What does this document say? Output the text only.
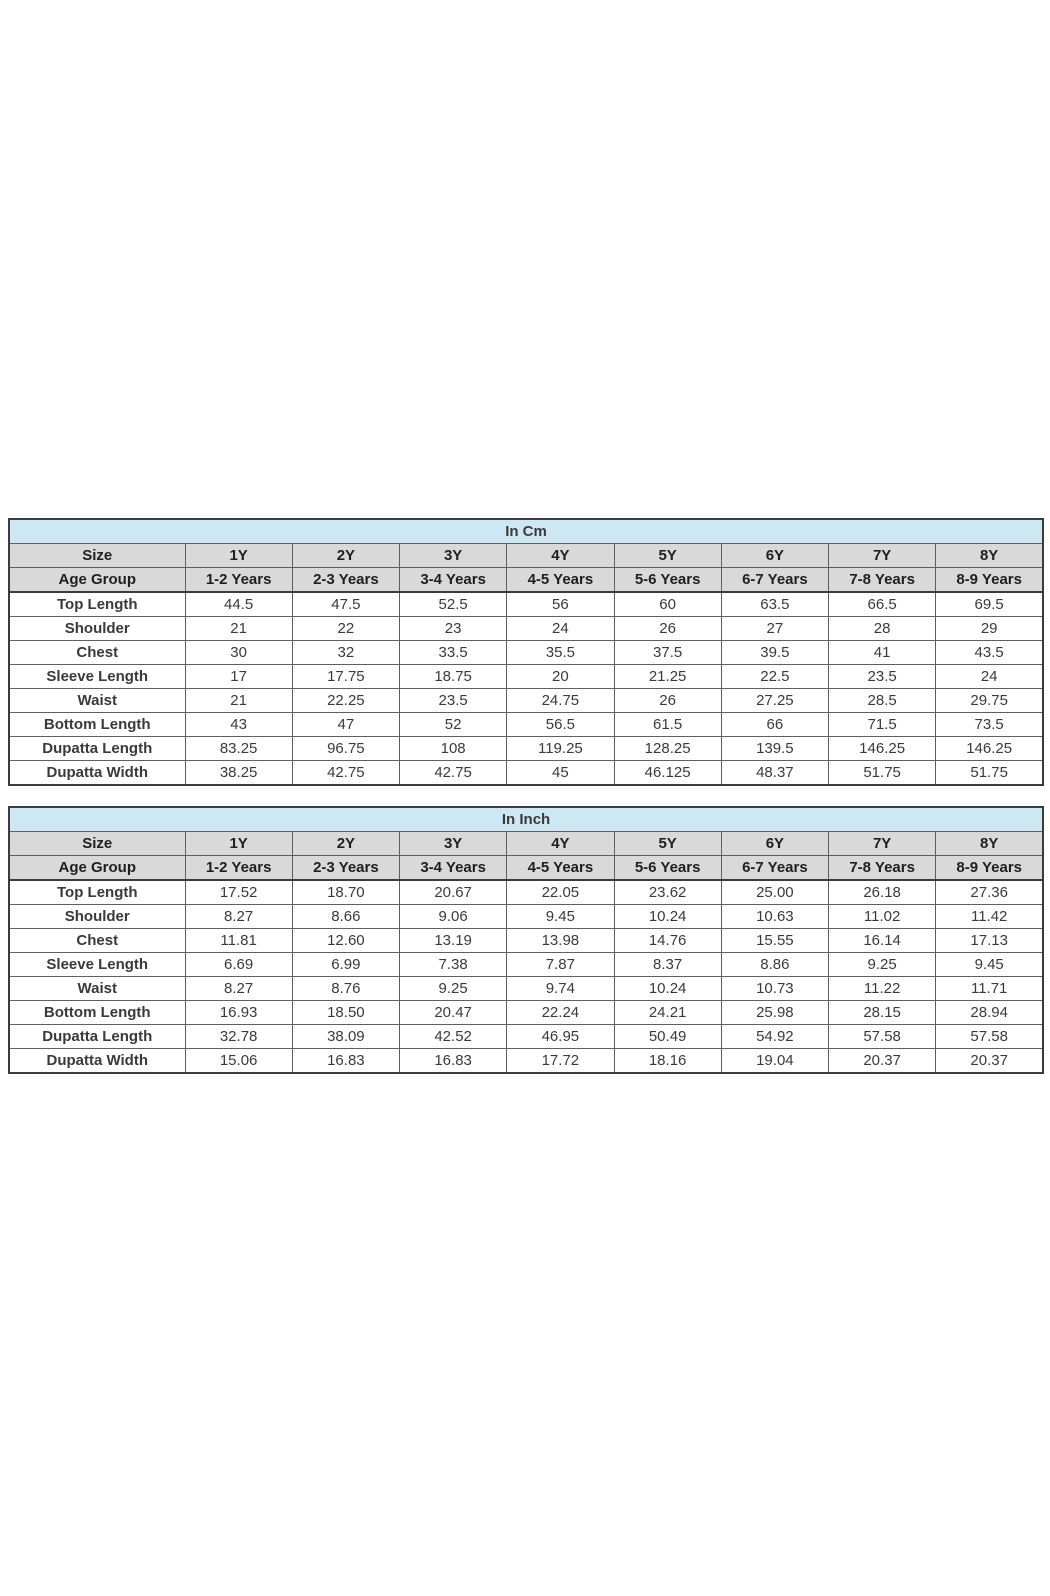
In Cm								
Size	1Y	2Y	3Y	4Y	5Y	6Y	7Y	8Y
Age Group	1-2 Years	2-3 Years	3-4 Years	4-5 Years	5-6 Years	6-7 Years	7-8 Years	8-9 Years
Top Length	44.5	47.5	52.5	56	60	63.5	66.5	69.5
Shoulder	21	22	23	24	26	27	28	29
Chest	30	32	33.5	35.5	37.5	39.5	41	43.5
Sleeve Length	17	17.75	18.75	20	21.25	22.5	23.5	24
Waist	21	22.25	23.5	24.75	26	27.25	28.5	29.75
Bottom Length	43	47	52	56.5	61.5	66	71.5	73.5
Dupatta Length	83.25	96.75	108	119.25	128.25	139.5	146.25	146.25
Dupatta Width	38.25	42.75	42.75	45	46.125	48.37	51.75	51.75
In Inch								
Size	1Y	2Y	3Y	4Y	5Y	6Y	7Y	8Y
Age Group	1-2 Years	2-3 Years	3-4 Years	4-5 Years	5-6 Years	6-7 Years	7-8 Years	8-9 Years
Top Length	17.52	18.70	20.67	22.05	23.62	25.00	26.18	27.36
Shoulder	8.27	8.66	9.06	9.45	10.24	10.63	11.02	11.42
Chest	11.81	12.60	13.19	13.98	14.76	15.55	16.14	17.13
Sleeve Length	6.69	6.99	7.38	7.87	8.37	8.86	9.25	9.45
Waist	8.27	8.76	9.25	9.74	10.24	10.73	11.22	11.71
Bottom Length	16.93	18.50	20.47	22.24	24.21	25.98	28.15	28.94
Dupatta Length	32.78	38.09	42.52	46.95	50.49	54.92	57.58	57.58
Dupatta Width	15.06	16.83	16.83	17.72	18.16	19.04	20.37	20.37
